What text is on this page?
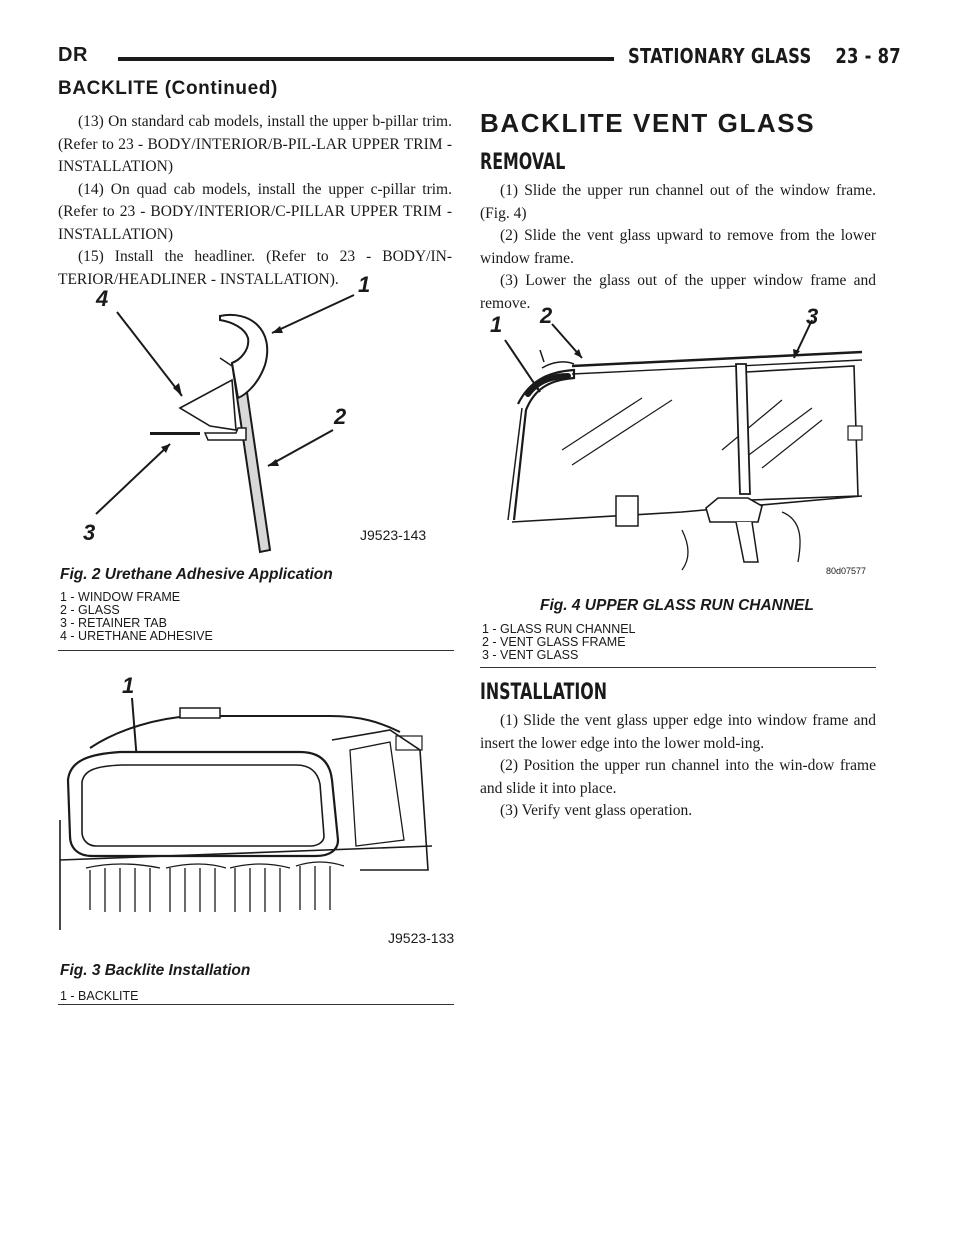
DR	STATIONARY GLASS 23 - 87
BACKLITE (Continued)

(13) On standard cab models, install the upper b-pillar trim. (Refer to 23 - BODY/INTERIOR/B-PIL-LAR UPPER TRIM - INSTALLATION)

(14) On quad cab models, install the upper c-pillar trim. (Refer to 23 - BODY/INTERIOR/C-PILLAR UPPER TRIM - INSTALLATION)

(15) Install the headliner. (Refer to 23 - BODY/IN-TERIOR/HEADLINER - INSTALLATION).

4
1
2
3	J9523-143
Fig. 2 Urethane Adhesive Application
1 - WINDOW FRAME
2 - GLASS
3 - RETAINER TAB
4 - URETHANE ADHESIVE
1
J9523-133
Fig. 3 Backlite Installation
1 - BACKLITE
BACKLITE VENT GLASS
REMOVAL

(1) Slide the upper run channel out of the window frame. (Fig. 4)

(2) Slide the vent glass upward to remove from the lower window frame.

(3) Lower the glass out of the upper window frame and remove.

1 2	3
80d07577
Fig. 4 UPPER GLASS RUN CHANNEL
1 - GLASS RUN CHANNEL
2 - VENT GLASS FRAME
3 - VENT GLASS
INSTALLATION

(1) Slide the vent glass upper edge into window frame and insert the lower edge into the lower mold-ing.

(2) Position the upper run channel into the win-dow frame and slide it into place.

(3) Verify vent glass operation.
